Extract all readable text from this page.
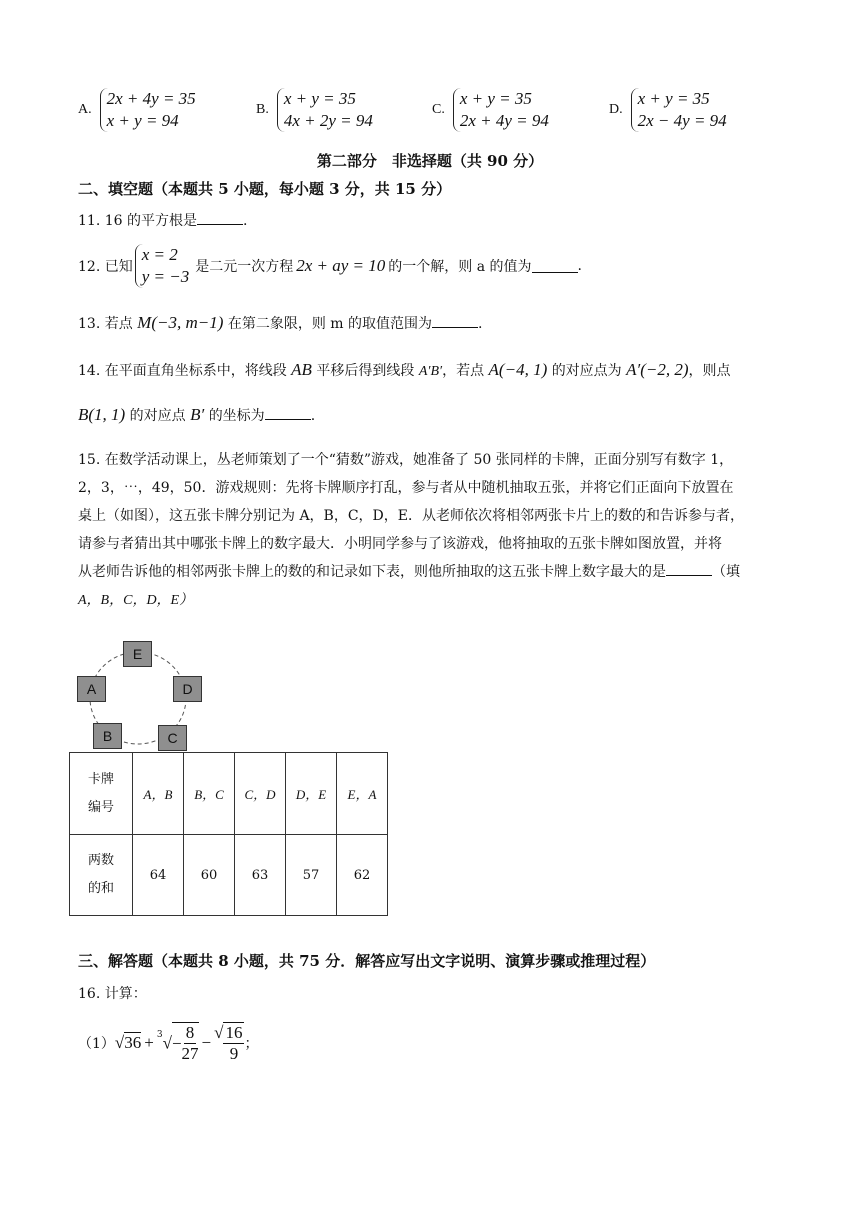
A.
2x + 4y = 35
x + y = 94
B.
x + y = 35
4x + 2y = 94
C.
x + y = 35
2x + 4y = 94
D.
x + y = 35
2x − 4y = 94
第二部分　非选择题（共 90 分）
二、填空题（本题共 5 小题，每小题 3 分，共 15 分）
11. 16 的平方根是	.
12. 已知
x = 2
y = −3 是二元一次方程 2x + ay = 10 的一个解，则 a 的值为	.
13. 若点 M(−3, m−1) 在第二象限，则 m 的取值范围为	.
14. 在平面直角坐标系中，将线段 AB 平移后得到线段 A′B′，若点 A(−4, 1) 的对应点为 A′(−2, 2)，则点
B(1, 1) 的对应点 B′ 的坐标为	.
15. 在数学活动课上，丛老师策划了一个“猜数”游戏，她准备了 50 张同样的卡牌，正面分别写有数字 1，
2，3，⋯，49，50．游戏规则：先将卡牌顺序打乱，参与者从中随机抽取五张，并将它们正面向下放置在
桌上（如图），这五张卡牌分别记为 A，B，C，D，E．从老师依次将相邻两张卡片上的数的和告诉参与者，
请参与者猜出其中哪张卡牌上的数字最大．小明同学参与了该游戏，他将抽取的五张卡牌如图放置，并将
从老师告诉他的相邻两张卡牌上的数的和记录如下表，则他所抽取的这五张卡牌上数字最大的是	（填
A，B，C，D，E）
E
A	D
B	C
卡牌
编号	A，B	B，C	C，D	D，E	E，A

两数
的和	64	60	63	57	62
三、解答题（本题共 8 小题，共 75 分．解答应写出文字说明、演算步骤或推理过程）
16. 计算：
（1） √36 + 3 √− $\frac{8}{27}$ −
√ $\frac{16}{9}$ ；
